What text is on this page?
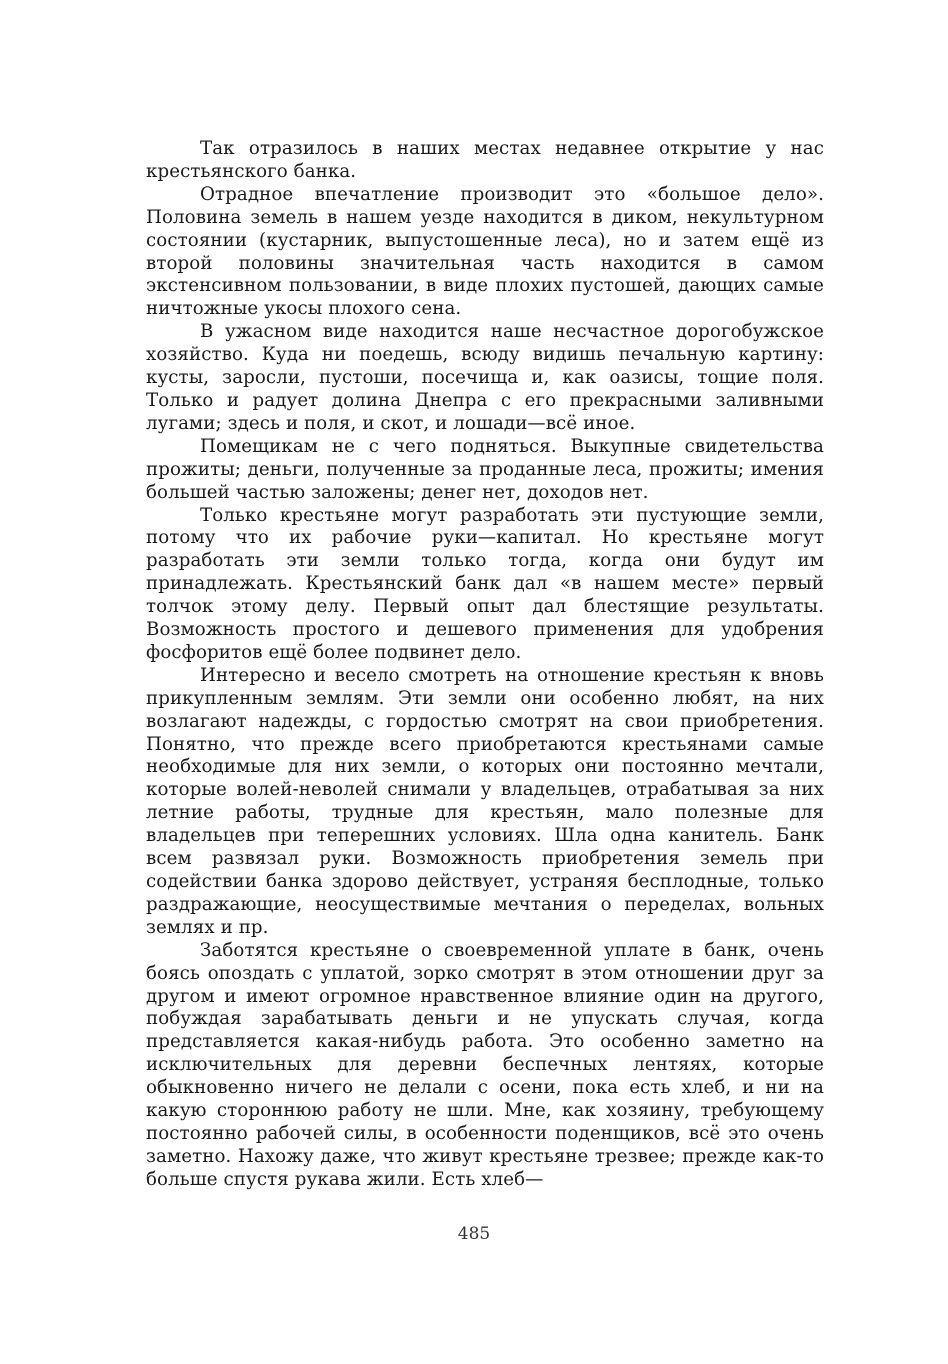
Так отразилось в наших местах недавнее открытие у нас крестьянского банка.

Отрадное впечатление производит это «большое дело». Половина земель в нашем уезде находится в диком, некультурном состоянии (кустарник, выпустошенные леса), но и затем ещё из второй половины значительная часть находится в самом экстенсивном пользовании, в виде плохих пустошей, дающих самые ничтожные укосы плохого сена.

В ужасном виде находится наше несчастное дорогобужское хозяйство. Куда ни поедешь, всюду видишь печальную картину: кусты, заросли, пустоши, посечища и, как оазисы, тощие поля. Только и радует долина Днепра с его прекрасными заливными лугами; здесь и поля, и скот, и лошади—всё иное.

Помещикам не с чего подняться. Выкупные свидетельства прожиты; деньги, полученные за проданные леса, прожиты; имения большей частью заложены; денег нет, доходов нет.

Только крестьяне могут разработать эти пустующие земли, потому что их рабочие руки—капитал. Но крестьяне могут разработать эти земли только тогда, когда они будут им принадлежать. Крестьянский банк дал «в нашем месте» первый толчок этому делу. Первый опыт дал блестящие результаты. Возможность простого и дешевого применения для удобрения фосфоритов ещё более подвинет дело.

Интересно и весело смотреть на отношение крестьян к вновь прикупленным землям. Эти земли они особенно любят, на них возлагают надежды, с гордостью смотрят на свои приобретения. Понятно, что прежде всего приобретаются крестьянами самые необходимые для них земли, о которых они постоянно мечтали, которые волей-неволей снимали у владельцев, отрабатывая за них летние работы, трудные для крестьян, мало полезные для владельцев при теперешних условиях. Шла одна канитель. Банк всем развязал руки. Возможность приобретения земель при содействии банка здорово действует, устраняя бесплодные, только раздражающие, неосуществимые мечтания о переделах, вольных землях и пр.

Заботятся крестьяне о своевременной уплате в банк, очень боясь опоздать с уплатой, зорко смотрят в этом отношении друг за другом и имеют огромное нравственное влияние один на другого, побуждая зарабатывать деньги и не упускать случая, когда представляется какая-нибудь работа. Это особенно заметно на исключительных для деревни беспечных лентяях, которые обыкновенно ничего не делали с осени, пока есть хлеб, и ни на какую стороннюю работу не шли. Мне, как хозяину, требующему постоянно рабочей силы, в особенности поденщиков, всё это очень заметно. Нахожу даже, что живут крестьяне трезвее; прежде как-то больше спустя рукава жили. Есть хлеб—

485
